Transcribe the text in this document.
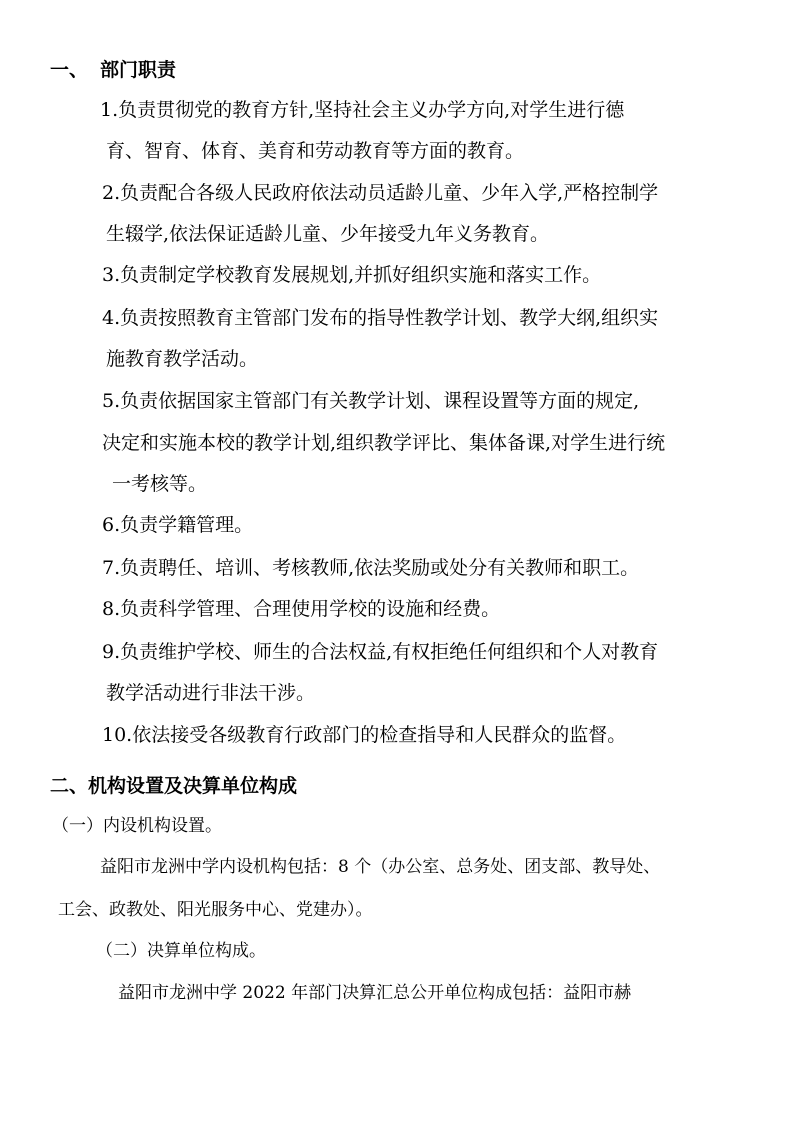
一、 部门职责
1.负责贯彻党的教育方针,坚持社会主义办学方向,对学生进行德
育、智育、体育、美育和劳动教育等方面的教育。
2.负责配合各级人民政府依法动员适龄儿童、少年入学,严格控制学
生辍学,依法保证适龄儿童、少年接受九年义务教育。
3.负责制定学校教育发展规划,并抓好组织实施和落实工作。
4.负责按照教育主管部门发布的指导性教学计划、教学大纲,组织实
施教育教学活动。
5.负责依据国家主管部门有关教学计划、课程设置等方面的规定,
决定和实施本校的教学计划,组织教学评比、集体备课,对学生进行统
一考核等。
6.负责学籍管理。
7.负责聘任、培训、考核教师,依法奖励或处分有关教师和职工。
8.负责科学管理、合理使用学校的设施和经费。
9.负责维护学校、师生的合法权益,有权拒绝任何组织和个人对教育
教学活动进行非法干涉。
10.依法接受各级教育行政部门的检查指导和人民群众的监督。
二、机构设置及决算单位构成
（一）内设机构设置。
益阳市龙洲中学内设机构包括：8 个（办公室、总务处、团支部、教导处、
工会、政教处、阳光服务中心、党建办）。
（二）决算单位构成。
益阳市龙洲中学 2022 年部门决算汇总公开单位构成包括：益阳市赫
